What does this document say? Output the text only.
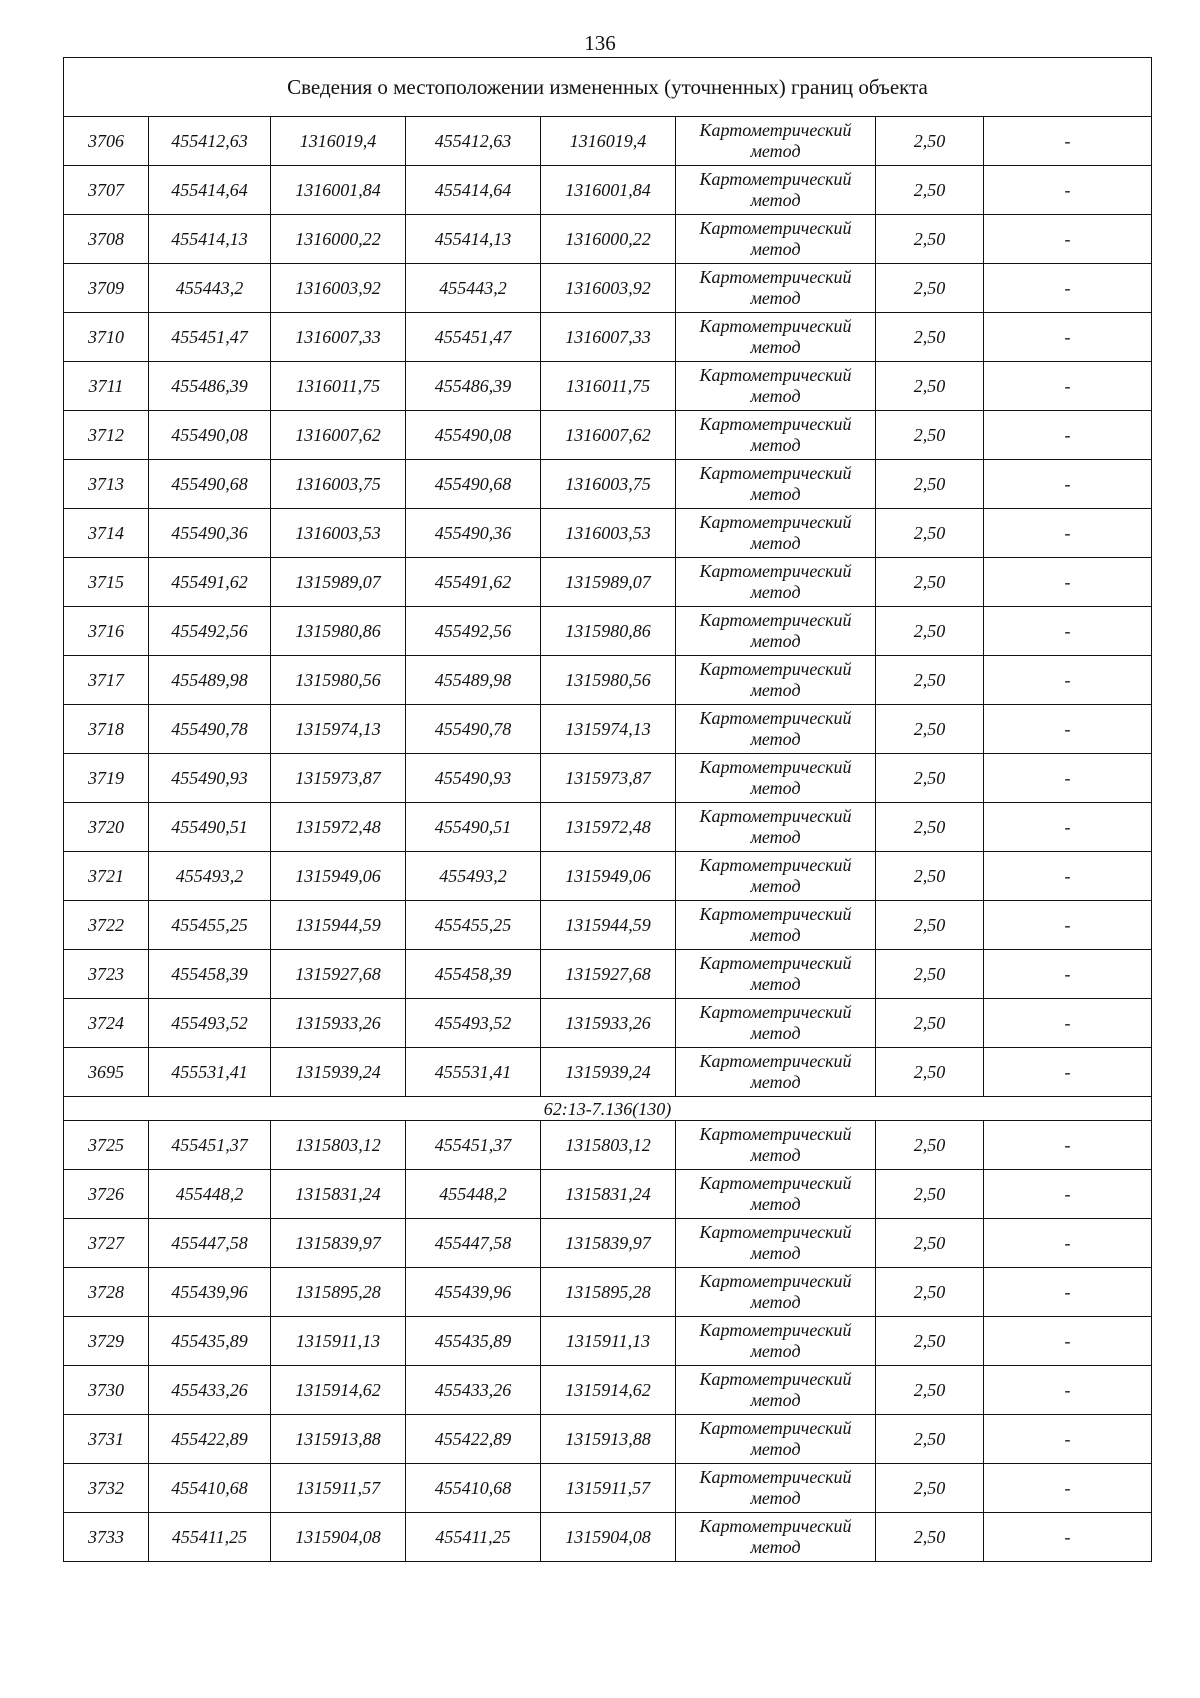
136
Сведения о местоположении измененных (уточненных) границ объекта							
3706	455412,63	1316019,4	455412,63	1316019,4	Картометрический метод	2,50	-
3707	455414,64	1316001,84	455414,64	1316001,84	Картометрический метод	2,50	-
3708	455414,13	1316000,22	455414,13	1316000,22	Картометрический метод	2,50	-
3709	455443,2	1316003,92	455443,2	1316003,92	Картометрический метод	2,50	-
3710	455451,47	1316007,33	455451,47	1316007,33	Картометрический метод	2,50	-
3711	455486,39	1316011,75	455486,39	1316011,75	Картометрический метод	2,50	-
3712	455490,08	1316007,62	455490,08	1316007,62	Картометрический метод	2,50	-
3713	455490,68	1316003,75	455490,68	1316003,75	Картометрический метод	2,50	-
3714	455490,36	1316003,53	455490,36	1316003,53	Картометрический метод	2,50	-
3715	455491,62	1315989,07	455491,62	1315989,07	Картометрический метод	2,50	-
3716	455492,56	1315980,86	455492,56	1315980,86	Картометрический метод	2,50	-
3717	455489,98	1315980,56	455489,98	1315980,56	Картометрический метод	2,50	-
3718	455490,78	1315974,13	455490,78	1315974,13	Картометрический метод	2,50	-
3719	455490,93	1315973,87	455490,93	1315973,87	Картометрический метод	2,50	-
3720	455490,51	1315972,48	455490,51	1315972,48	Картометрический метод	2,50	-
3721	455493,2	1315949,06	455493,2	1315949,06	Картометрический метод	2,50	-
3722	455455,25	1315944,59	455455,25	1315944,59	Картометрический метод	2,50	-
3723	455458,39	1315927,68	455458,39	1315927,68	Картометрический метод	2,50	-
3724	455493,52	1315933,26	455493,52	1315933,26	Картометрический метод	2,50	-
3695	455531,41	1315939,24	455531,41	1315939,24	Картометрический метод	2,50	-
62:13-7.136(130)							
3725	455451,37	1315803,12	455451,37	1315803,12	Картометрический метод	2,50	-
3726	455448,2	1315831,24	455448,2	1315831,24	Картометрический метод	2,50	-
3727	455447,58	1315839,97	455447,58	1315839,97	Картометрический метод	2,50	-
3728	455439,96	1315895,28	455439,96	1315895,28	Картометрический метод	2,50	-
3729	455435,89	1315911,13	455435,89	1315911,13	Картометрический метод	2,50	-
3730	455433,26	1315914,62	455433,26	1315914,62	Картометрический метод	2,50	-
3731	455422,89	1315913,88	455422,89	1315913,88	Картометрический метод	2,50	-
3732	455410,68	1315911,57	455410,68	1315911,57	Картометрический метод	2,50	-
3733	455411,25	1315904,08	455411,25	1315904,08	Картометрический метод	2,50	-
